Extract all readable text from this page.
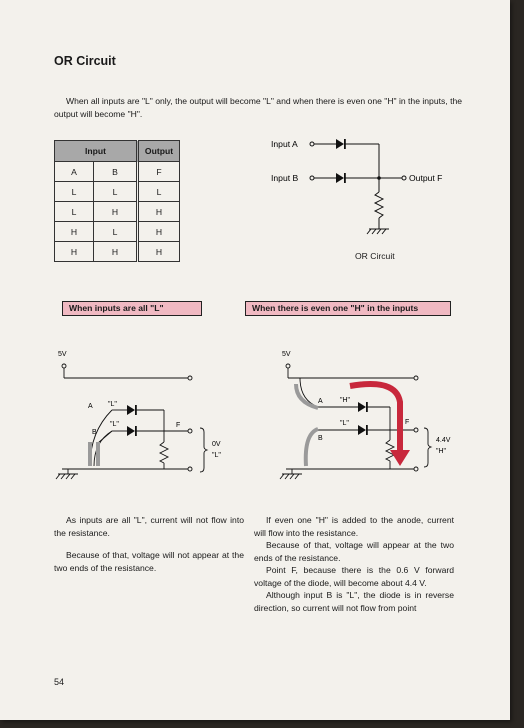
OR Circuit
When all inputs are "L" only, the output will become "L" and when there is even one "H" in the inputs, the output will become "H".
Input		Output
A	B	F
L	L	L
L	H	H
H	L	H
H	H	H
Input A
Input B	Output F
OR Circuit
When inputs are all "L"	When there is even one "H" in the inputs
5V
A "L"
B
"L"	F
0V
"L"
5V
A "H"
B
"L"	F
4.4V
"H"

As inputs are all "L", current will not flow into the resistance.

Because of that, voltage will not appear at the two ends of the resistance.

If even one "H" is added to the anode, current will flow into the resistance.

Because of that, voltage will appear at the two ends of the resistance.

Point F, because there is the 0.6 V forward voltage of the diode, will become about 4.4 V.

Although input B is "L", the diode is in reverse direction, so current will not flow from point

54
